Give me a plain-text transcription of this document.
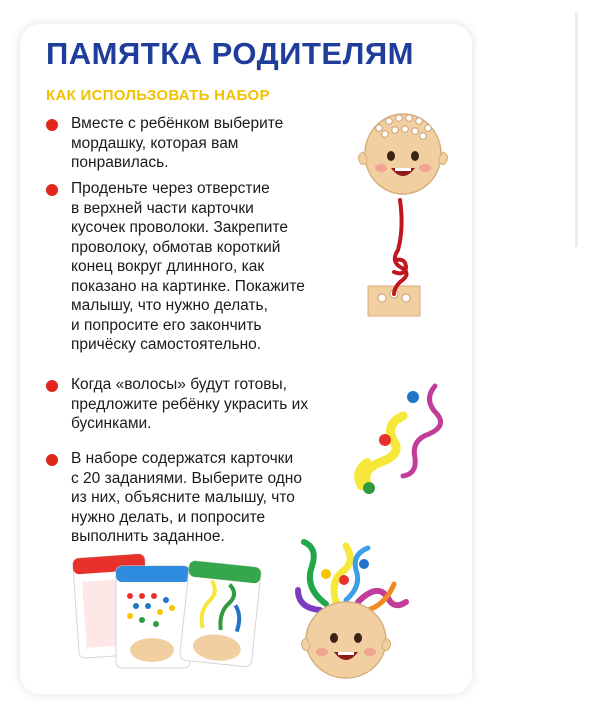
ПАМЯТКА РОДИТЕЛЯМ
КАК ИСПОЛЬЗОВАТЬ НАБОР
Вместе с ребёнком выберите
мордашку, которая вам
понравилась.
Проденьте через отверстие
в верхней части карточки
кусочек проволоки. Закрепите
проволоку, обмотав короткий
конец вокруг длинного, как
показано на картинке. Покажите
малышу, что нужно делать,
и попросите его закончить
причёску самостоятельно.
Когда «волосы» будут готовы,
предложите ребёнку украсить их
бусинками.
В наборе содержатся карточки
с 20 заданиями. Выберите одно
из них, объясните малышу, что
нужно делать, и попросите
выполнить заданное.
